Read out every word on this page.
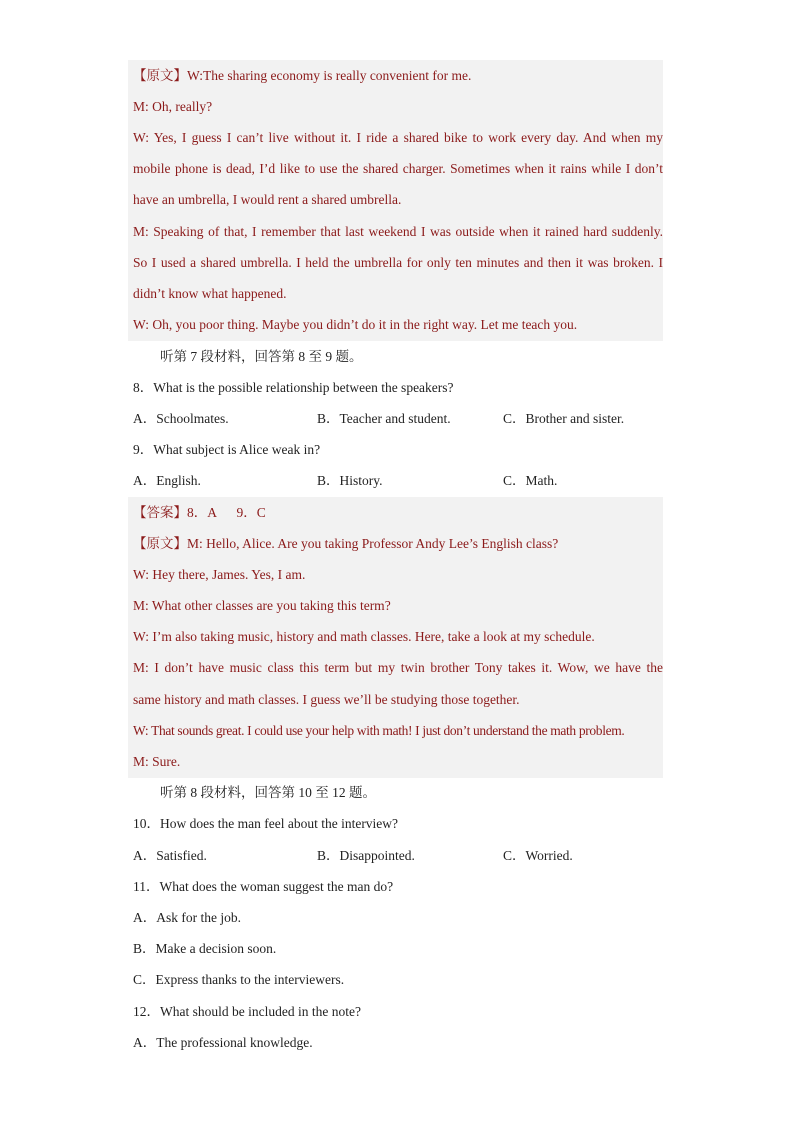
【原文】W:The sharing economy is really convenient for me.
M: Oh, really?
W: Yes, I guess I can’t live without it. I ride a shared bike to work every day. And when my
mobile phone is dead, I’d like to use the shared charger. Sometimes when it rains while I don’t
have an umbrella, I would rent a shared umbrella.
M: Speaking of that, I remember that last weekend I was outside when it rained hard suddenly.
So I used a shared umbrella. I held the umbrella for only ten minutes and then it was broken. I
didn’t know what happened.
W: Oh, you poor thing. Maybe you didn’t do it in the right way. Let me teach you.
听第 7 段材料，回答第 8 至 9 题。
8．What is the possible relationship between the speakers?
A．Schoolmates.	B．Teacher and student.	C．Brother and sister.
9．What subject is Alice weak in?
A．English.	B．History.	C．Math.
【答案】8．A      9．C
【原文】M: Hello, Alice. Are you taking Professor Andy Lee’s English class?
W: Hey there, James. Yes, I am.
M: What other classes are you taking this term?
W: I’m also taking music, history and math classes. Here, take a look at my schedule.
M: I don’t have music class this term but my twin brother Tony takes it. Wow, we have the
same history and math classes. I guess we’ll be studying those together.
W: That sounds great. I could use your help with math! I just don’t understand the math problem.
M: Sure.
听第 8 段材料，回答第 10 至 12 题。
10．How does the man feel about the interview?
A．Satisfied.	B．Disappointed.	C．Worried.
11．What does the woman suggest the man do?
A．Ask for the job.
B．Make a decision soon.
C．Express thanks to the interviewers.
12．What should be included in the note?
A．The professional knowledge.
